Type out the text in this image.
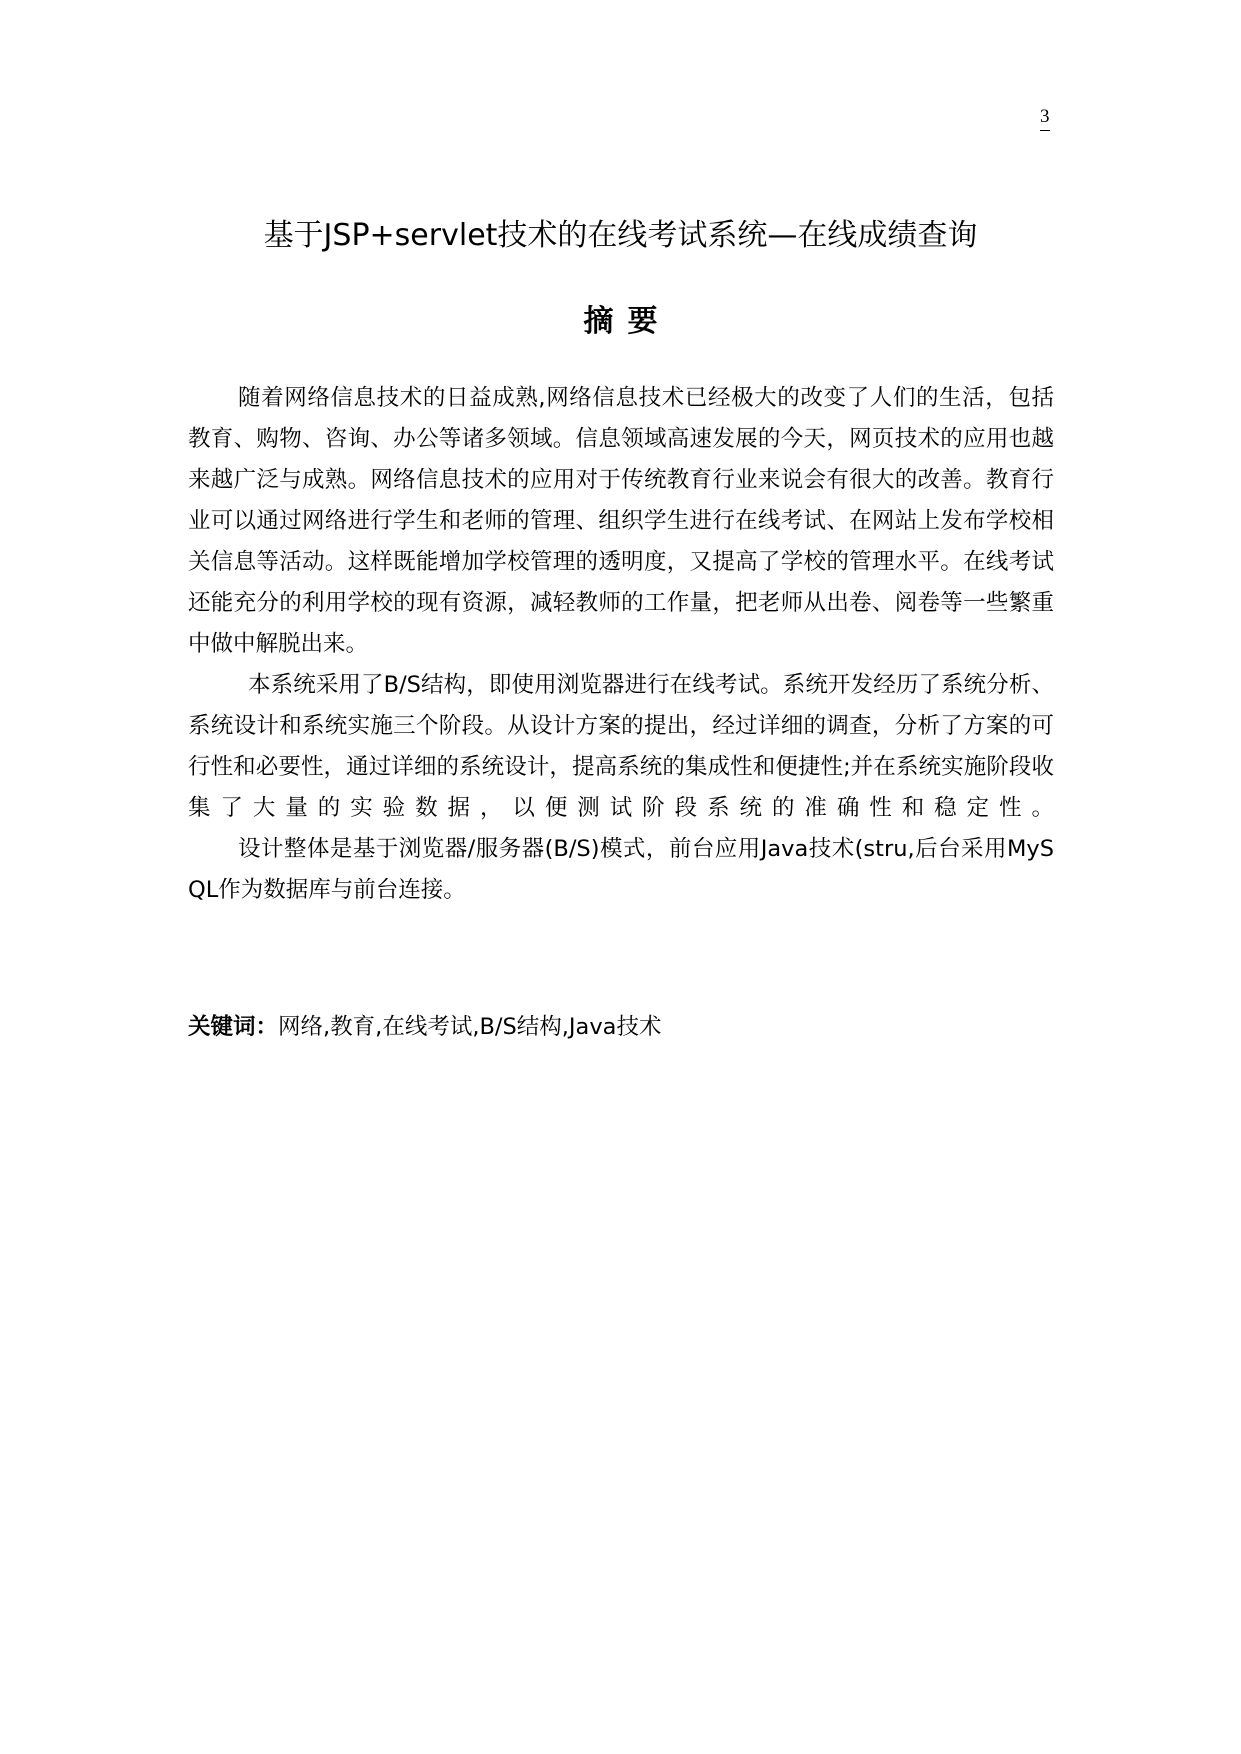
3
基于JSP+servlet技术的在线考试系统—在线成绩查询
摘要

随着网络信息技术的日益成熟,网络信息技术已经极大的改变了人们的生活，包括教育、购物、咨询、办公等诸多领域。信息领域高速发展的今天，网页技术的应用也越来越广泛与成熟。网络信息技术的应用对于传统教育行业来说会有很大的改善。教育行业可以通过网络进行学生和老师的管理、组织学生进行在线考试、在网站上发布学校相关信息等活动。这样既能增加学校管理的透明度，又提高了学校的管理水平。在线考试还能充分的利用学校的现有资源，减轻教师的工作量，把老师从出卷、阅卷等一些繁重中做中解脱出来。

本系统采用了B/S结构，即使用浏览器进行在线考试。系统开发经历了系统分析、系统设计和系统实施三个阶段。从设计方案的提出，经过详细的调查，分析了方案的可行性和必要性，通过详细的系统设计，提高系统的集成性和便捷性;并在系统实施阶段收集了大量的实验数据，以便测试阶段系统的准确性和稳定性。

设计整体是基于浏览器/服务器(B/S)模式，前台应用Java技术(stru,后台采用MySQL作为数据库与前台连接。

关键词：网络,教育,在线考试,B/S结构,Java技术
